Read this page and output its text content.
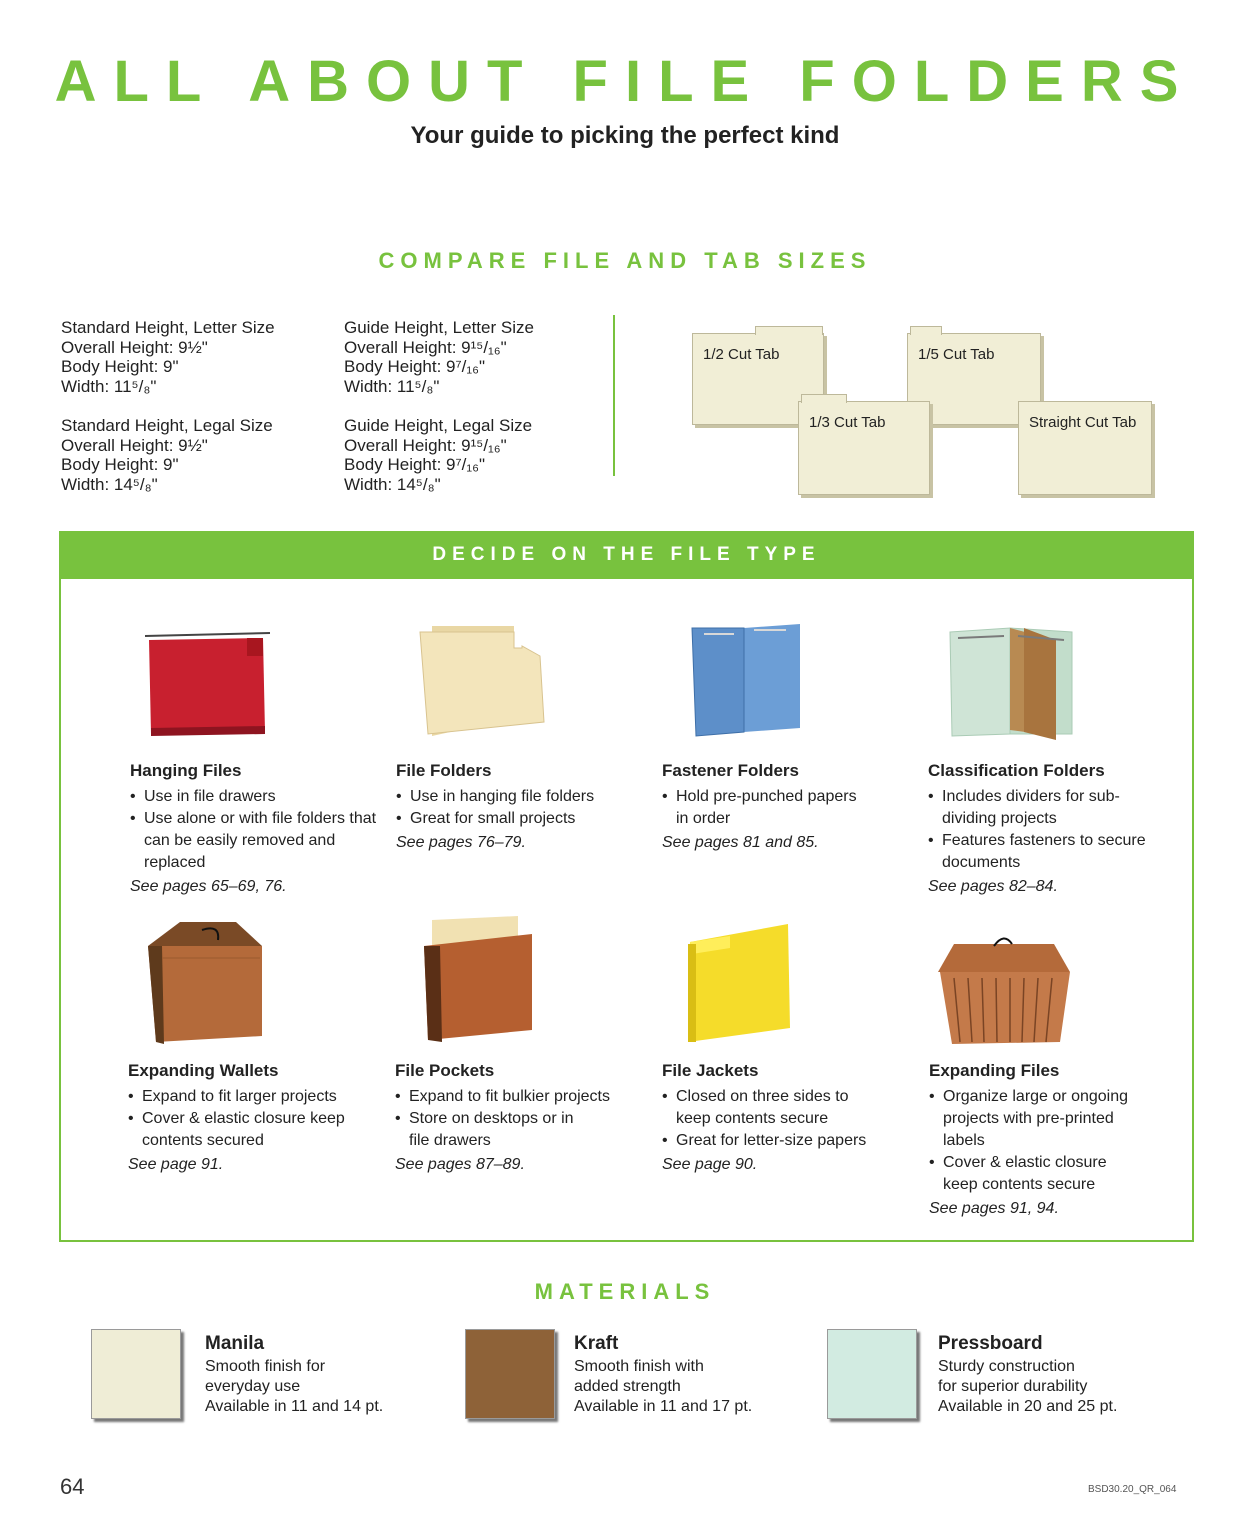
ALL ABOUT FILE FOLDERS
Your guide to picking the perfect kind
COMPARE FILE AND TAB SIZES
Standard Height, Letter Size
Overall Height: 9½"
Body Height: 9"
Width: 11⁵/₈"
Guide Height, Letter Size
Overall Height: 9¹⁵/₁₆"
Body Height: 9⁷/₁₆"
Width: 11⁵/₈"
Standard Height, Legal Size
Overall Height: 9½"
Body Height: 9"
Width: 14⁵/₈"
Guide Height, Legal Size
Overall Height: 9¹⁵/₁₆"
Body Height: 9⁷/₁₆"
Width: 14⁵/₈"
1/2 Cut Tab	1/5 Cut Tab
1/3 Cut Tab	Straight Cut Tab
DECIDE ON THE FILE TYPE
Hanging Files
• Use in file drawers
• Use alone or with file folders that can be easily removed and replaced
See pages 65–69, 76.
File Folders
• Use in hanging file folders
• Great for small projects
See pages 76–79.
Fastener Folders
• Hold pre-punched papers in order
See pages 81 and 85.
Classification Folders
• Includes dividers for sub-dividing projects
• Features fasteners to secure documents
See pages 82–84.
Expanding Wallets
• Expand to fit larger projects
• Cover & elastic closure keep contents secured
See page 91.
File Pockets
• Expand to fit bulkier projects
• Store on desktops or in file drawers
See pages 87–89.
File Jackets
• Closed on three sides to keep contents secure
• Great for letter-size papers
See page 90.
Expanding Files
• Organize large or ongoing projects with pre-printed labels
• Cover & elastic closure keep contents secure
See pages 91, 94.
MATERIALS
Manila
Smooth finish for
everyday use
Available in 11 and 14 pt.
Kraft
Smooth finish with
added strength
Available in 11 and 17 pt.
Pressboard
Sturdy construction
for superior durability
Available in 20 and 25 pt.
64	BSD30.20_QR_064
